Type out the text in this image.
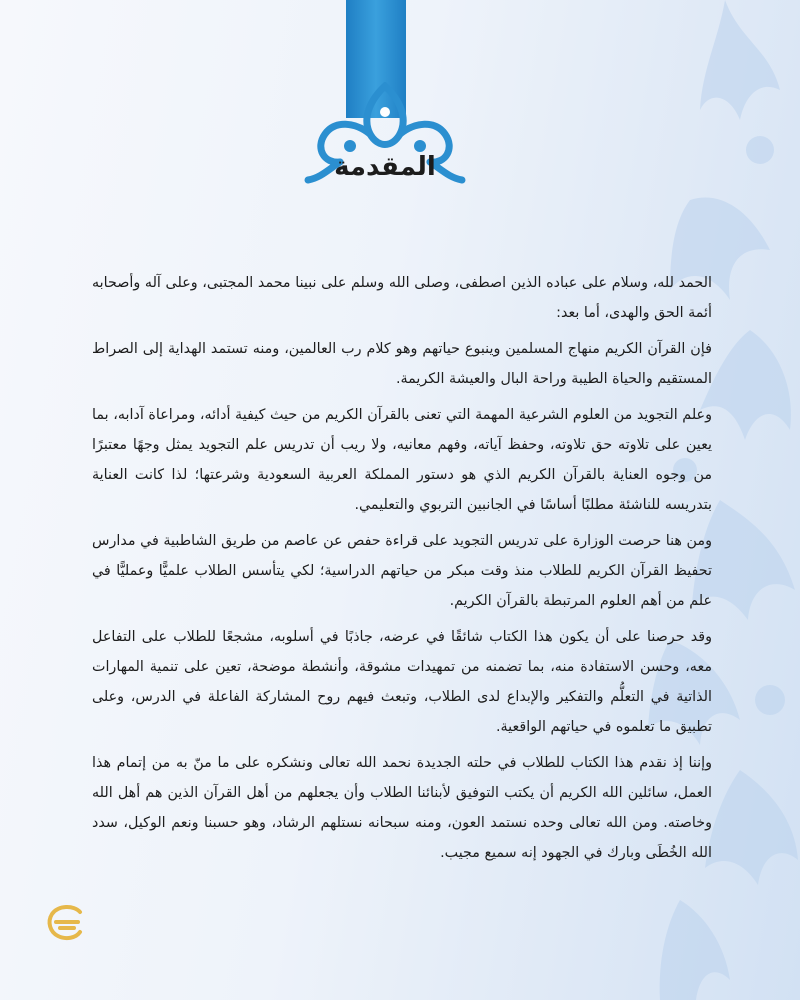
المقدمة

الحمد لله، وسلام على عباده الذين اصطفى، وصلى الله وسلم على نبينا محمد المجتبى، وعلى آله وأصحابه أئمة الحق والهدى، أما بعد:

فإن القرآن الكريم منهاج المسلمين وينبوع حياتهم وهو كلام رب العالمين، ومنه تستمد الهداية إلى الصراط المستقيم والحياة الطيبة وراحة البال والعيشة الكريمة.

وعلم التجويد من العلوم الشرعية المهمة التي تعنى بالقرآن الكريم من حيث كيفية أدائه، ومراعاة آدابه، بما يعين على تلاوته حق تلاوته، وحفظ آياته، وفهم معانيه، ولا ريب أن تدريس علم التجويد يمثل وجهًا معتبرًا من وجوه العناية بالقرآن الكريم الذي هو دستور المملكة العربية السعودية وشرعتها؛ لذا كانت العناية بتدريسه للناشئة مطلبًا أساسًا في الجانبين التربوي والتعليمي.

ومن هنا حرصت الوزارة على تدريس التجويد على قراءة حفص عن عاصم من طريق الشاطبية في مدارس تحفيظ القرآن الكريم للطلاب منذ وقت مبكر من حياتهم الدراسية؛ لكي يتأسس الطلاب علميًّا وعمليًّا في علم من أهم العلوم المرتبطة بالقرآن الكريم.

وقد حرصنا على أن يكون هذا الكتاب شائقًا في عرضه، جاذبًا في أسلوبه، مشجعًا للطلاب على التفاعل معه، وحسن الاستفادة منه، بما تضمنه من تمهيدات مشوقة، وأنشطة موضحة، تعين على تنمية المهارات الذاتية في التعلُّم والتفكير والإبداع لدى الطلاب، وتبعث فيهم روح المشاركة الفاعلة في الدرس، وعلى تطبيق ما تعلموه في حياتهم الواقعية.

وإننا إذ نقدم هذا الكتاب للطلاب في حلته الجديدة نحمد الله تعالى ونشكره على ما منّ به من إتمام هذا العمل، سائلين الله الكريم أن يكتب التوفيق لأبنائنا الطلاب وأن يجعلهم من أهل القرآن الذين هم أهل الله وخاصته. ومن الله تعالى وحده نستمد العون، ومنه سبحانه نستلهم الرشاد، وهو حسبنا ونعم الوكيل، سدد الله الخُطَى وبارك في الجهود إنه سميع مجيب.
